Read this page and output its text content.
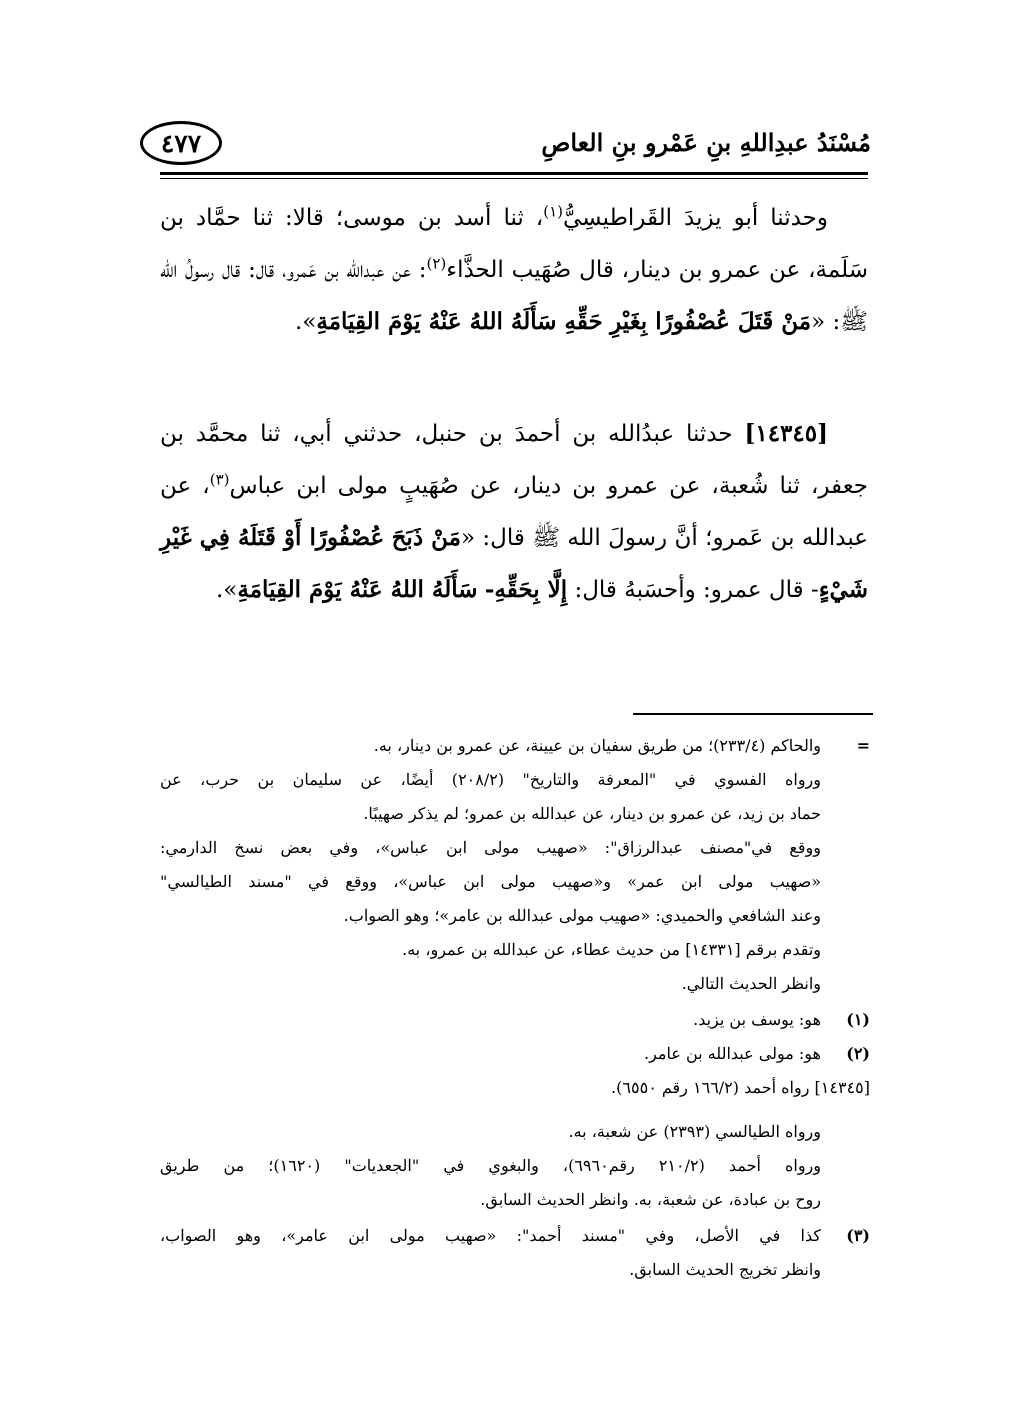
مُسْنَدُ عبدِاللهِ بنِ عَمْرو بنِ العاصِ
٤٧٧
وحدثنا أبو يزيدَ القَراطيسِيُّ$^{(١)}$، ثنا أسد بن موسى؛ قالا: ثنا حمَّاد بن سَلَمة، عن عمرو بن دينار، قال صُهَيب الحذَّاء$^{(٢)}$: عن عبدالله بن عَمرو، قال: قال رسولُ الله ﷺ: «مَنْ قَتَلَ عُصْفُورًا بِغَيْرِ حَقِّهِ سَأَلَهُ اللهُ عَنْهُ يَوْمَ القِيَامَةِ».
[١٤٣٤٥] حدثنا عبدُالله بن أحمدَ بن حنبل، حدثني أبي، ثنا محمَّد بن جعفر، ثنا شُعبة، عن عمرو بن دينار، عن صُهَيبٍ مولى ابن عباس$^{(٣)}$، عن عبدالله بن عَمرو؛ أنَّ رسولَ الله ﷺ قال: «مَنْ ذَبَحَ عُصْفُورًا أَوْ قَتَلَهُ فِي غَيْرِ شَيْءٍ- قال عمرو: وأحسَبهُ قال: إِلَّا بِحَقِّهِ- سَأَلَهُ اللهُ عَنْهُ يَوْمَ القِيَامَةِ».
=
والحاكم (٢٣٣/٤)؛ من طريق سفيان بن عيينة، عن عمرو بن دينار، به.
ورواه الفسوي في "المعرفة والتاريخ" (٢٠٨/٢) أيضًا، عن سليمان بن حرب، عن
حماد بن زيد، عن عمرو بن دينار، عن عبدالله بن عمرو؛ لم يذكر صهيبًا.
ووقع في"مصنف عبدالرزاق": «صهيب مولى ابن عباس»، وفي بعض نسخ الدارمي:
«صهيب مولى ابن عمر» و«صهيب مولى ابن عباس»، ووقع في "مسند الطيالسي"
وعند الشافعي والحميدي: «صهيب مولى عبدالله بن عامر»؛ وهو الصواب.
وتقدم برقم [١٤٣٣١] من حديث عطاء، عن عبدالله بن عمرو، به.
وانظر الحديث التالي.
(١)
هو: يوسف بن يزيد.
(٢)
هو: مولى عبدالله بن عامر.
[١٤٣٤٥] رواه أحمد (١٦٦/٢ رقم ٦٥٥٠).
ورواه الطيالسي (٢٣٩٣) عن شعبة، به.
ورواه أحمد (٢١٠/٢ رقم٦٩٦٠)، والبغوي في "الجعديات" (١٦٢٠)؛ من طريق
روح بن عبادة، عن شعبة، به. وانظر الحديث السابق.
(٣)
كذا في الأصل، وفي "مسند أحمد": «صهيب مولى ابن عامر»، وهو الصواب،
وانظر تخريج الحديث السابق.
